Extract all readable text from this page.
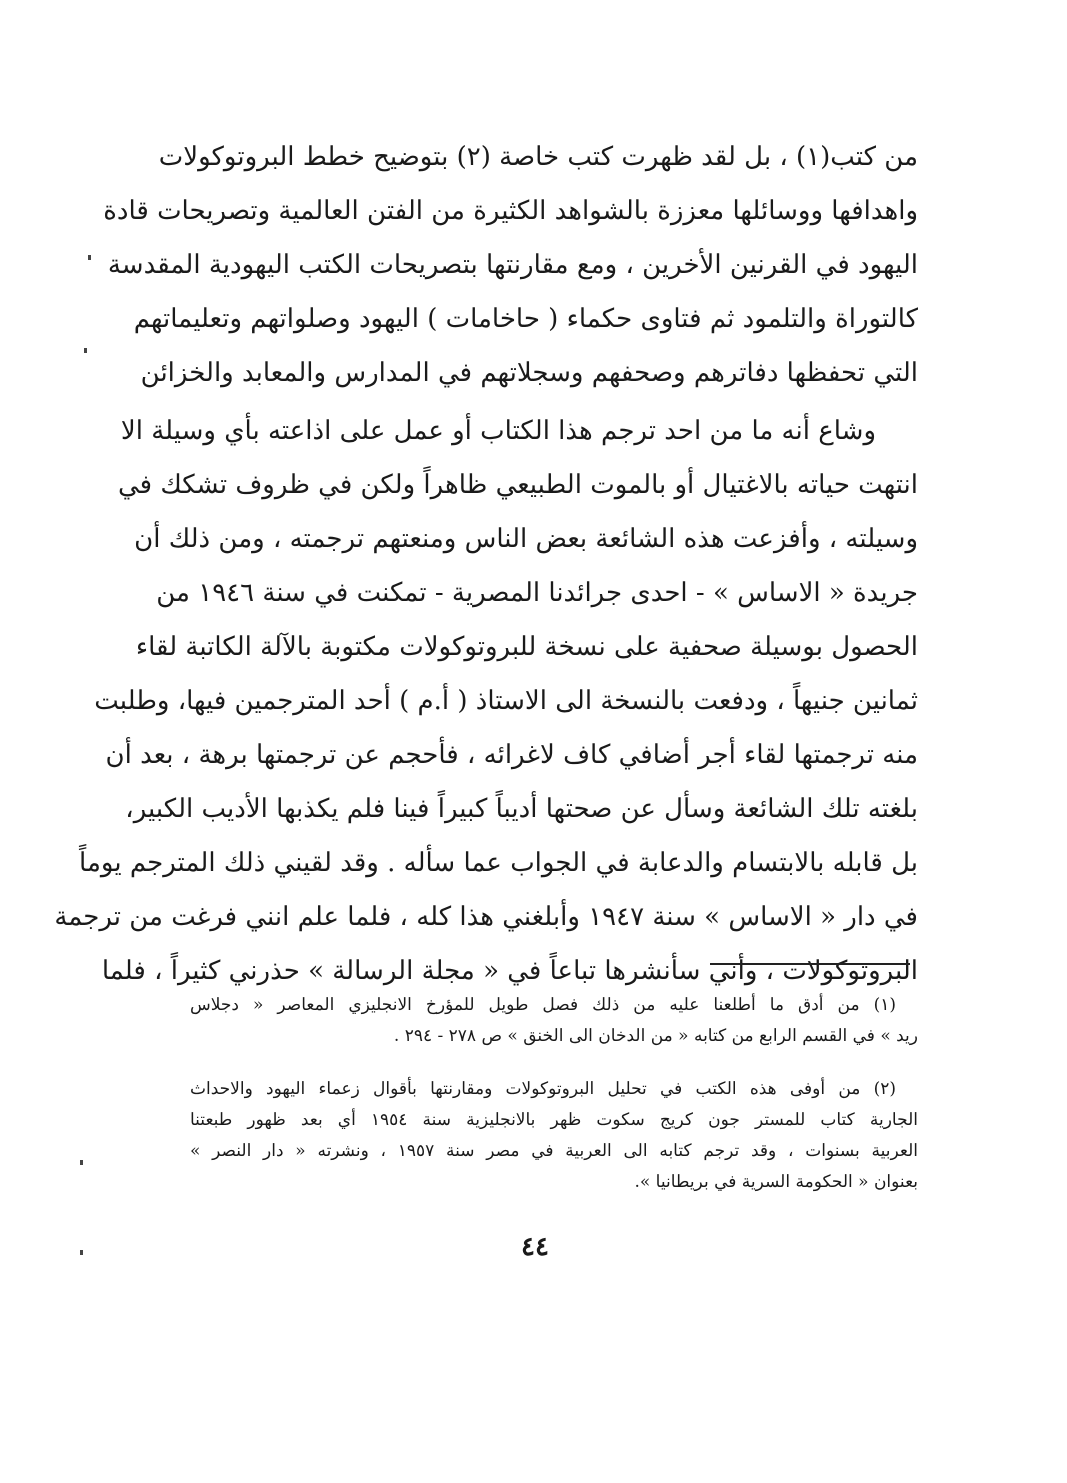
من كتب(١) ، بل لقد ظهرت كتب خاصة (٢) بتوضيح خطط البروتوكولات
واهدافها ووسائلها معززة بالشواهد الكثيرة من الفتن العالمية وتصريحات قادة
اليهود في القرنين الأخرين ، ومع مقارنتها بتصريحات الكتب اليهودية المقدسة
كالتوراة والتلمود ثم فتاوى حكماء ( حاخامات ) اليهود وصلواتهم وتعليماتهم
التي تحفظها دفاترهم وصحفهم وسجلاتهم في المدارس والمعابد والخزائن
وشاع أنه ما من احد ترجم هذا الكتاب أو عمل على اذاعته بأي وسيلة الا
انتهت حياته بالاغتيال أو بالموت الطبيعي ظاهراً ولكن في ظروف تشكك في
وسيلته ، وأفزعت هذه الشائعة بعض الناس ومنعتهم ترجمته ، ومن ذلك أن
جريدة « الاساس » - احدى جرائدنا المصرية - تمكنت في سنة ١٩٤٦ من
الحصول بوسيلة صحفية على نسخة للبروتوكولات مكتوبة بالآلة الكاتبة لقاء
ثمانين جنيهاً ، ودفعت بالنسخة الى الاستاذ ( أ.م ) أحد المترجمين فيها، وطلبت
منه ترجمتها لقاء أجر أضافي كاف لاغرائه ، فأحجم عن ترجمتها برهة ، بعد أن
بلغته تلك الشائعة وسأل عن صحتها أديباً كبيراً فينا فلم يكذبها الأديب الكبير،
بل قابله بالابتسام والدعابة في الجواب عما سأله . وقد لقيني ذلك المترجم يوماً
في دار « الاساس » سنة ١٩٤٧ وأبلغني هذا كله ، فلما علم انني فرغت من ترجمة
البروتوكولات ، وأني سأنشرها تباعاً في « مجلة الرسالة » حذرني كثيراً ، فلما
(١) من أدق ما أطلعنا عليه من ذلك فصل طويل للمؤرخ الانجليزي المعاصر « دجلاس
ريد » في القسم الرابع من كتابه « من الدخان الى الخنق » ص ٢٧٨ - ٢٩٤ .
(٢) من أوفى هذه الكتب في تحليل البروتوكولات ومقارنتها بأقوال زعماء اليهود والاحداث
الجارية كتاب للمستر جون كريج سكوت ظهر بالانجليزية سنة ١٩٥٤ أي بعد ظهور طبعتنا
العربية بسنوات ، وقد ترجم كتابه الى العربية في مصر سنة ١٩٥٧ ، ونشرته « دار النصر »
بعنوان « الحكومة السرية في بريطانيا ».
٤٤
